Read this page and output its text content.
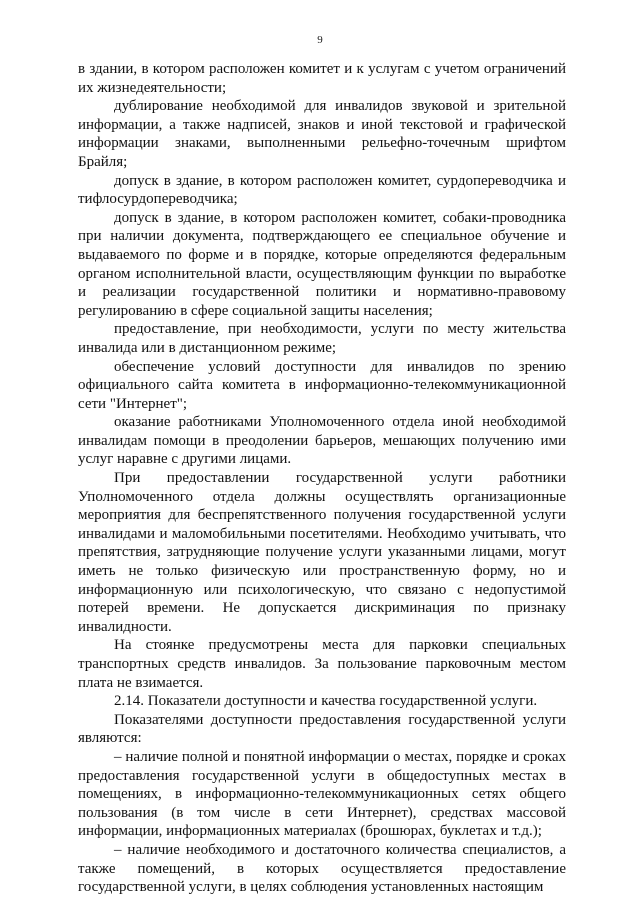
9

в здании, в котором расположен комитет и к услугам с учетом ограничений их жизнедеятельности;

дублирование необходимой для инвалидов звуковой и зрительной информации, а также надписей, знаков и иной текстовой и графической информации знаками, выполненными рельефно-точечным шрифтом Брайля;

допуск в здание, в котором расположен комитет, сурдопереводчика и тифлосурдопереводчика;

допуск в здание, в котором расположен комитет, собаки-проводника при наличии документа, подтверждающего ее специальное обучение и выдаваемого по форме и в порядке, которые определяются федеральным органом исполнительной власти, осуществляющим функции по выработке и реализации государственной политики и нормативно-правовому регулированию в сфере социальной защиты населения;

предоставление, при необходимости, услуги по месту жительства инвалида или в дистанционном режиме;

обеспечение условий доступности для инвалидов по зрению официального сайта комитета в информационно-телекоммуникационной сети "Интернет";

оказание работниками Уполномоченного отдела иной необходимой инвалидам помощи в преодолении барьеров, мешающих получению ими услуг наравне с другими лицами.

При предоставлении государственной услуги работники Уполномоченного отдела должны осуществлять организационные мероприятия для беспрепятственного получения государственной услуги инвалидами и маломобильными посетителями. Необходимо учитывать, что препятствия, затрудняющие получение услуги указанными лицами, могут иметь не только физическую или пространственную форму, но и информационную или психологическую, что связано с недопустимой потерей времени. Не допускается дискриминация по признаку инвалидности.

На стоянке предусмотрены места для парковки специальных транспортных средств инвалидов. За пользование парковочным местом плата не взимается.

2.14. Показатели доступности и качества государственной услуги.

Показателями доступности предоставления государственной услуги являются:

– наличие полной и понятной информации о местах, порядке и сроках предоставления государственной услуги в общедоступных местах в помещениях, в информационно-телекоммуникационных сетях общего пользования (в том числе в сети Интернет), средствах массовой информации, информационных материалах (брошюрах, буклетах и т.д.);

– наличие необходимого и достаточного количества специалистов, а также помещений, в которых осуществляется предоставление государственной услуги, в целях соблюдения установленных настоящим
